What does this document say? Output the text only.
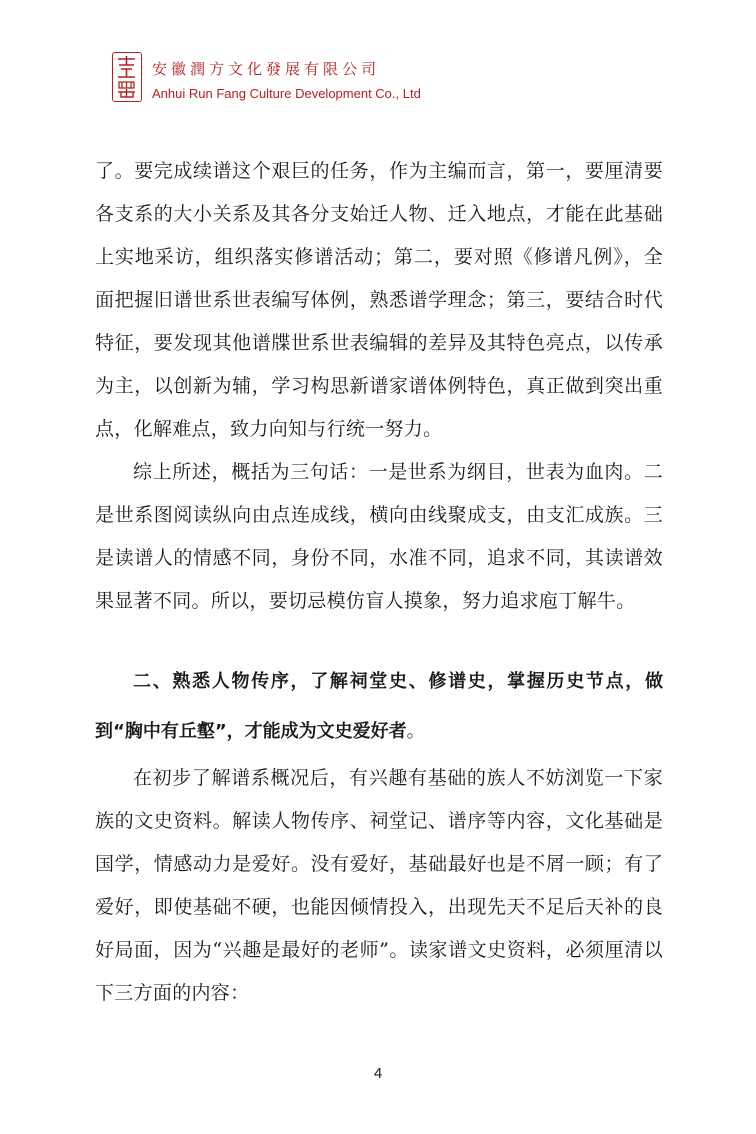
安徽潤方文化發展有限公司
Anhui Run Fang Culture Development Co., Ltd

了。要完成续谱这个艰巨的任务，作为主编而言，第一，要厘清要各支系的大小关系及其各分支始迁人物、迁入地点，才能在此基础上实地采访，组织落实修谱活动；第二，要对照《修谱凡例》，全面把握旧谱世系世表编写体例，熟悉谱学理念；第三，要结合时代特征，要发现其他谱牒世系世表编辑的差异及其特色亮点，以传承为主，以创新为辅，学习构思新谱家谱体例特色，真正做到突出重点，化解难点，致力向知与行统一努力。

综上所述，概括为三句话：一是世系为纲目，世表为血肉。二是世系图阅读纵向由点连成线，横向由线聚成支，由支汇成族。三是读谱人的情感不同，身份不同，水准不同，追求不同，其读谱效果显著不同。所以，要切忌模仿盲人摸象，努力追求庖丁解牛。

二、熟悉人物传序，了解祠堂史、修谱史，掌握历史节点，做到“胸中有丘壑”，才能成为文史爱好者。

在初步了解谱系概况后，有兴趣有基础的族人不妨浏览一下家族的文史资料。解读人物传序、祠堂记、谱序等内容，文化基础是国学，情感动力是爱好。没有爱好，基础最好也是不屑一顾；有了爱好，即使基础不硬，也能因倾情投入，出现先天不足后天补的良好局面，因为“兴趣是最好的老师”。读家谱文史资料，必须厘清以下三方面的内容：

4
